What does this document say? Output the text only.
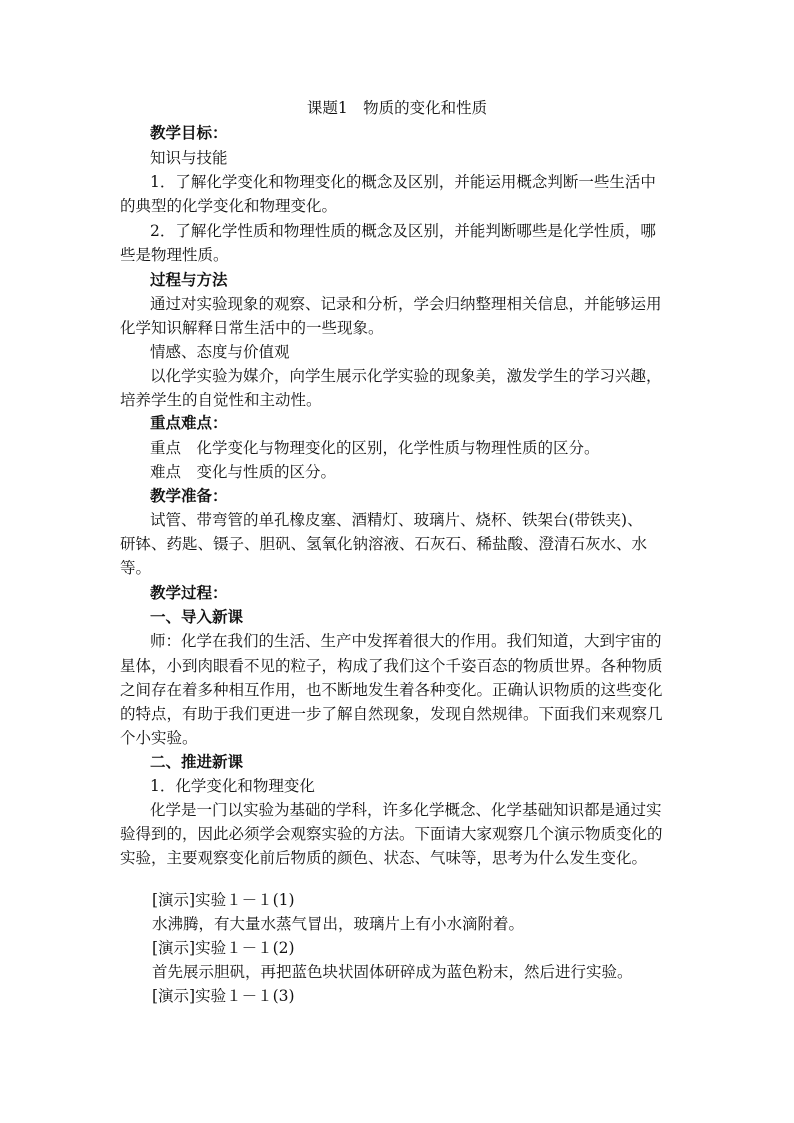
课题1　物质的变化和性质
教学目标：
知识与技能
1．了解化学变化和物理变化的概念及区别，并能运用概念判断一些生活中
的典型的化学变化和物理变化。
2．了解化学性质和物理性质的概念及区别，并能判断哪些是化学性质，哪
些是物理性质。
过程与方法
通过对实验现象的观察、记录和分析，学会归纳整理相关信息，并能够运用
化学知识解释日常生活中的一些现象。
情感、态度与价值观
以化学实验为媒介，向学生展示化学实验的现象美，激发学生的学习兴趣，
培养学生的自觉性和主动性。
重点难点：
重点　化学变化与物理变化的区别，化学性质与物理性质的区分。
难点　变化与性质的区分。
教学准备：
试管、带弯管的单孔橡皮塞、酒精灯、玻璃片、烧杯、铁架台(带铁夹)、
研钵、药匙、镊子、胆矾、氢氧化钠溶液、石灰石、稀盐酸、澄清石灰水、水
等。
教学过程：
一、导入新课
师：化学在我们的生活、生产中发挥着很大的作用。我们知道，大到宇宙的
星体，小到肉眼看不见的粒子，构成了我们这个千姿百态的物质世界。各种物质
之间存在着多种相互作用，也不断地发生着各种变化。正确认识物质的这些变化
的特点，有助于我们更进一步了解自然现象，发现自然规律。下面我们来观察几
个小实验。
二、推进新课
1．化学变化和物理变化
化学是一门以实验为基础的学科，许多化学概念、化学基础知识都是通过实
验得到的，因此必须学会观察实验的方法。下面请大家观察几个演示物质变化的
实验，主要观察变化前后物质的颜色、状态、气味等，思考为什么发生变化。
[演示]实验１－１(1)
水沸腾，有大量水蒸气冒出，玻璃片上有小水滴附着。
[演示]实验１－１(2)
首先展示胆矾，再把蓝色块状固体研碎成为蓝色粉末，然后进行实验。
[演示]实验１－１(3)
